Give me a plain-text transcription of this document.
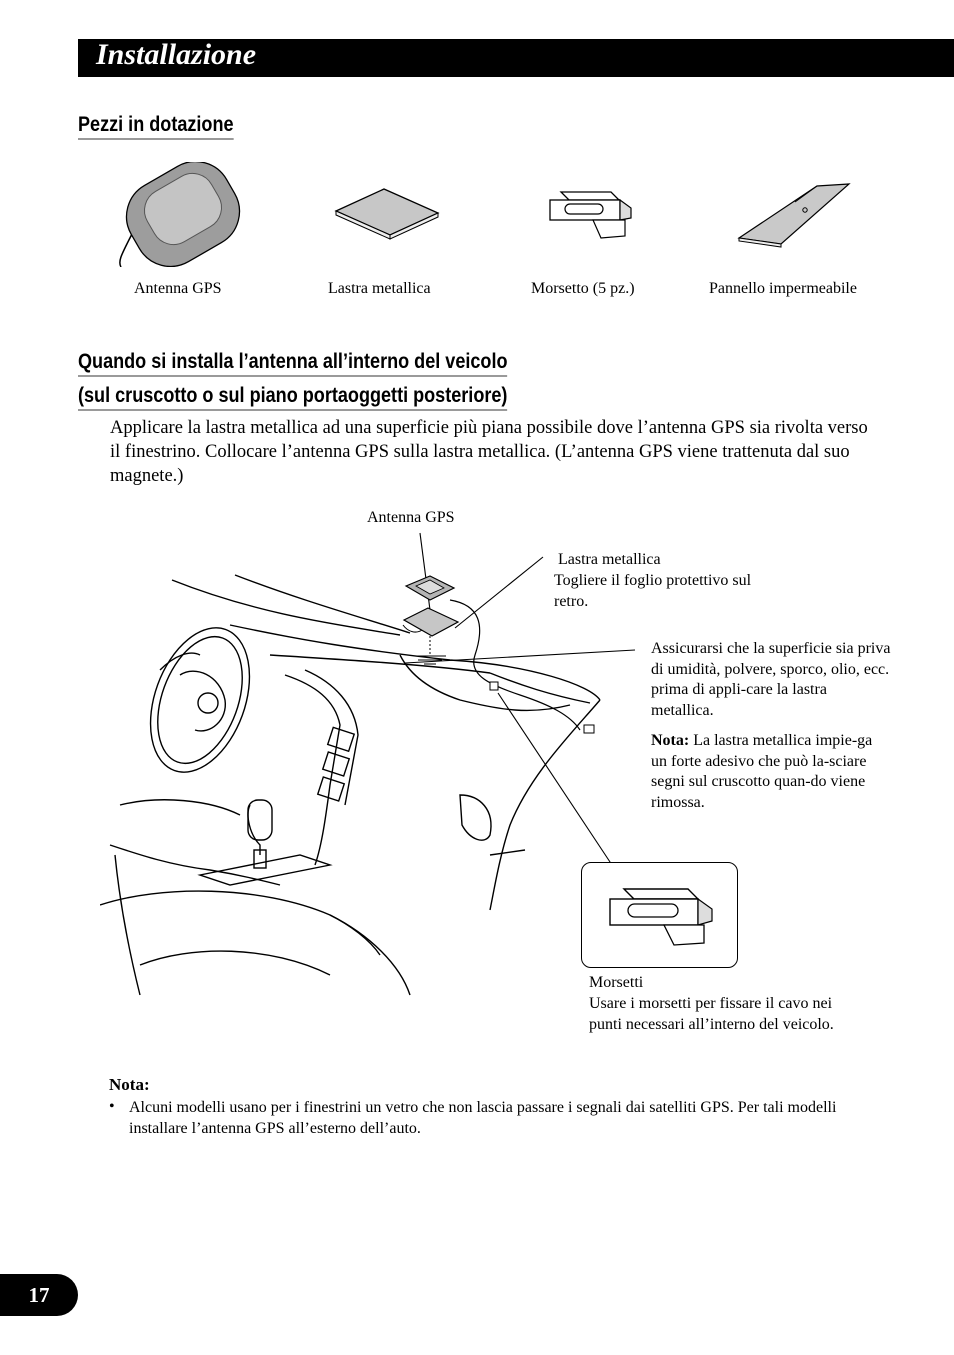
Installazione
Pezzi in dotazione
Antenna GPS	Lastra metallica	Morsetto (5 pz.)	Pannello impermeabile
Quando si installa l’antenna all’interno del veicolo
(sul cruscotto o sul piano portaoggetti posteriore)
Applicare la lastra metallica ad una superficie più piana possibile dove l’antenna GPS sia rivolta verso il finestrino. Collocare l’antenna GPS sulla lastra metallica. (L’antenna GPS viene trattenuta dal suo magnete.)
Antenna GPS
Lastra metallica
Togliere il foglio protettivo sul retro.
Assicurarsi che la superficie sia priva di umidità, polvere, sporco, olio, ecc. prima di appli-care la lastra metallica.
Nota: La lastra metallica impie-ga un forte adesivo che può la-sciare segni sul cruscotto quan-do viene rimossa.
Morsetti
Usare i morsetti per fissare il cavo nei punti necessari all’interno del veicolo.
Nota:
• Alcuni modelli usano per i finestrini un vetro che non lascia passare i segnali dai satelliti GPS. Per tali modelli installare l’antenna GPS all’esterno dell’auto.
17
